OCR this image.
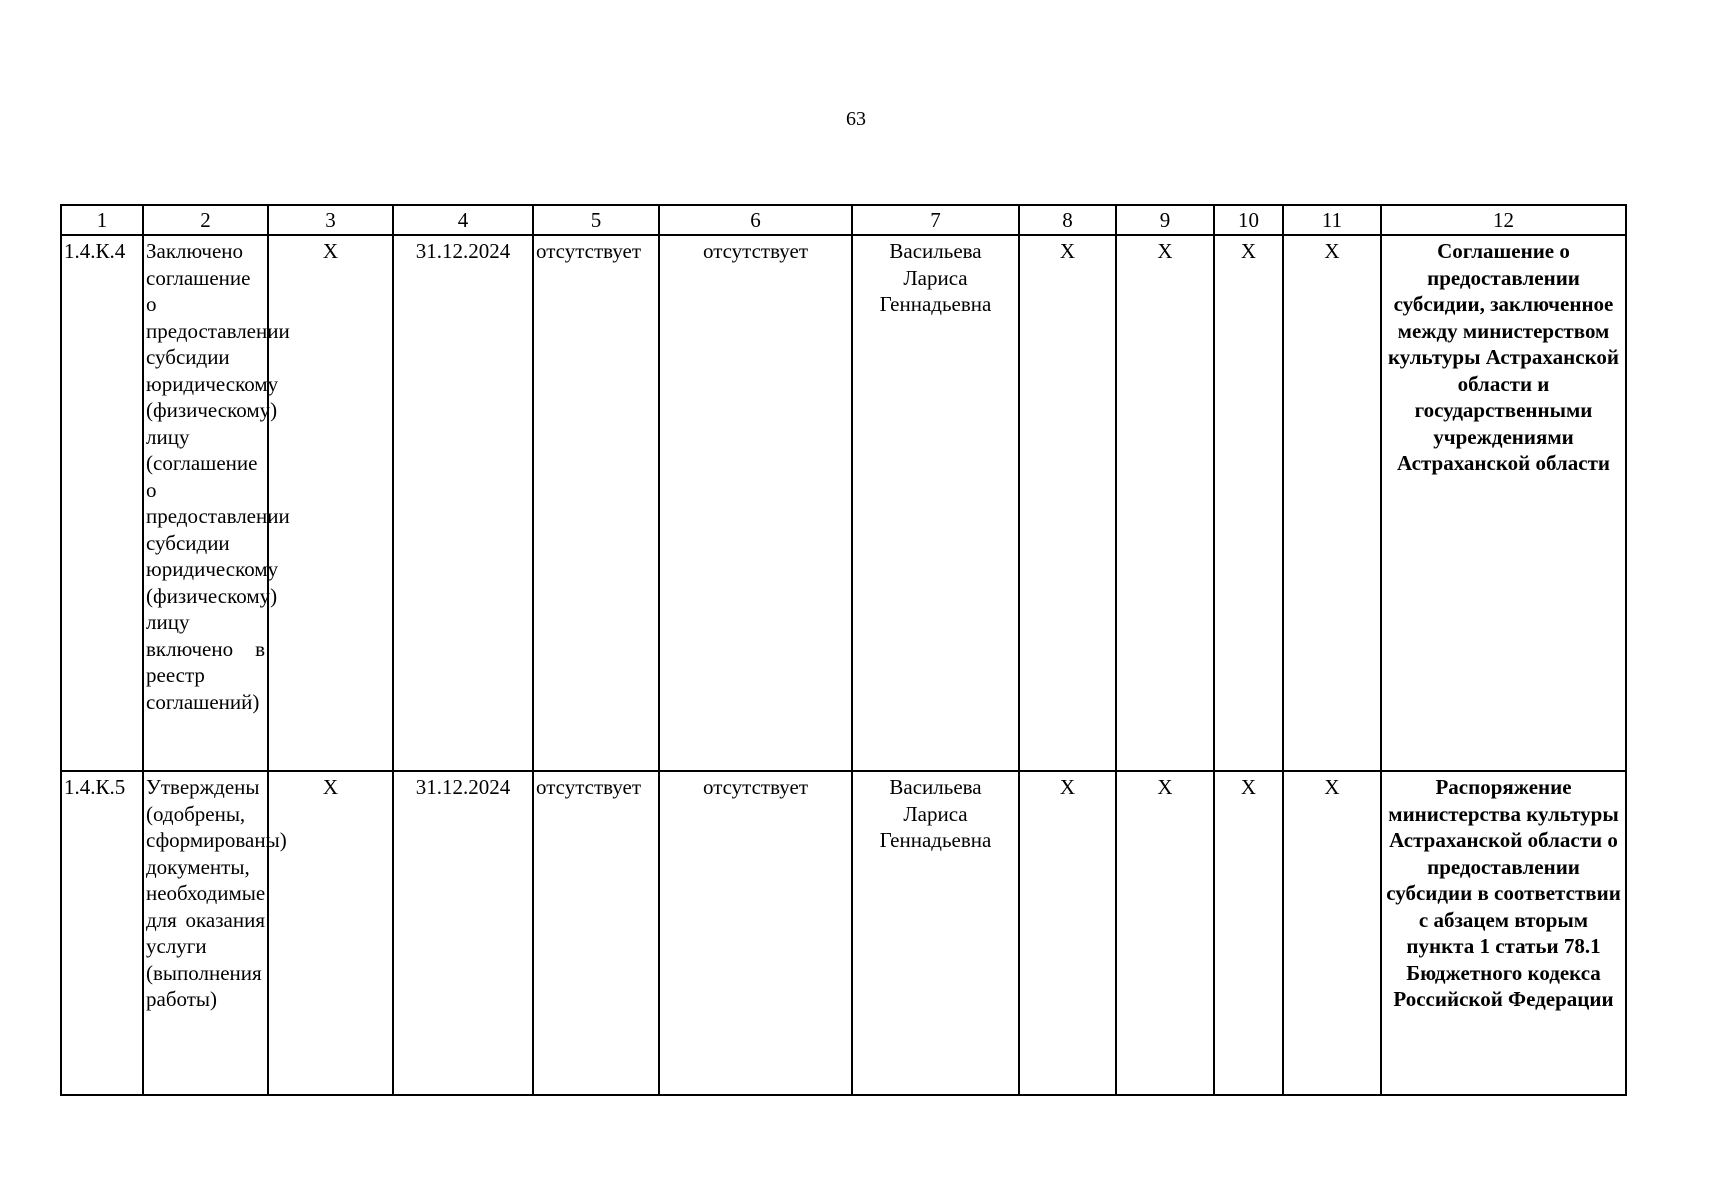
63
1	2	3	4	5	6	7	8	9	10	11	12
1.4.К.4	Заключено соглашение о предоставлении субсидии юридическому (физическому) лицу (соглашение о предоставлении субсидии юридическому (физическому) лицу включено в реестр соглашений)	X	31.12.2024	отсутствует	отсутствует	Васильева Лариса Геннадьевна	X	X	X	X	Соглашение о предоставлении субсидии, заключенное между министерством культуры Астраханской области и государственными учреждениями Астраханской области
1.4.К.5	Утверждены (одобрены, сформированы) документы, необходимые для оказания услуги (выполнения работы)	X	31.12.2024	отсутствует	отсутствует	Васильева Лариса Геннадьевна	X	X	X	X	Распоряжение министерства культуры Астраханской области о предоставлении субсидии в соответствии с абзацем вторым пункта 1 статьи 78.1 Бюджетного кодекса Российской Федерации
